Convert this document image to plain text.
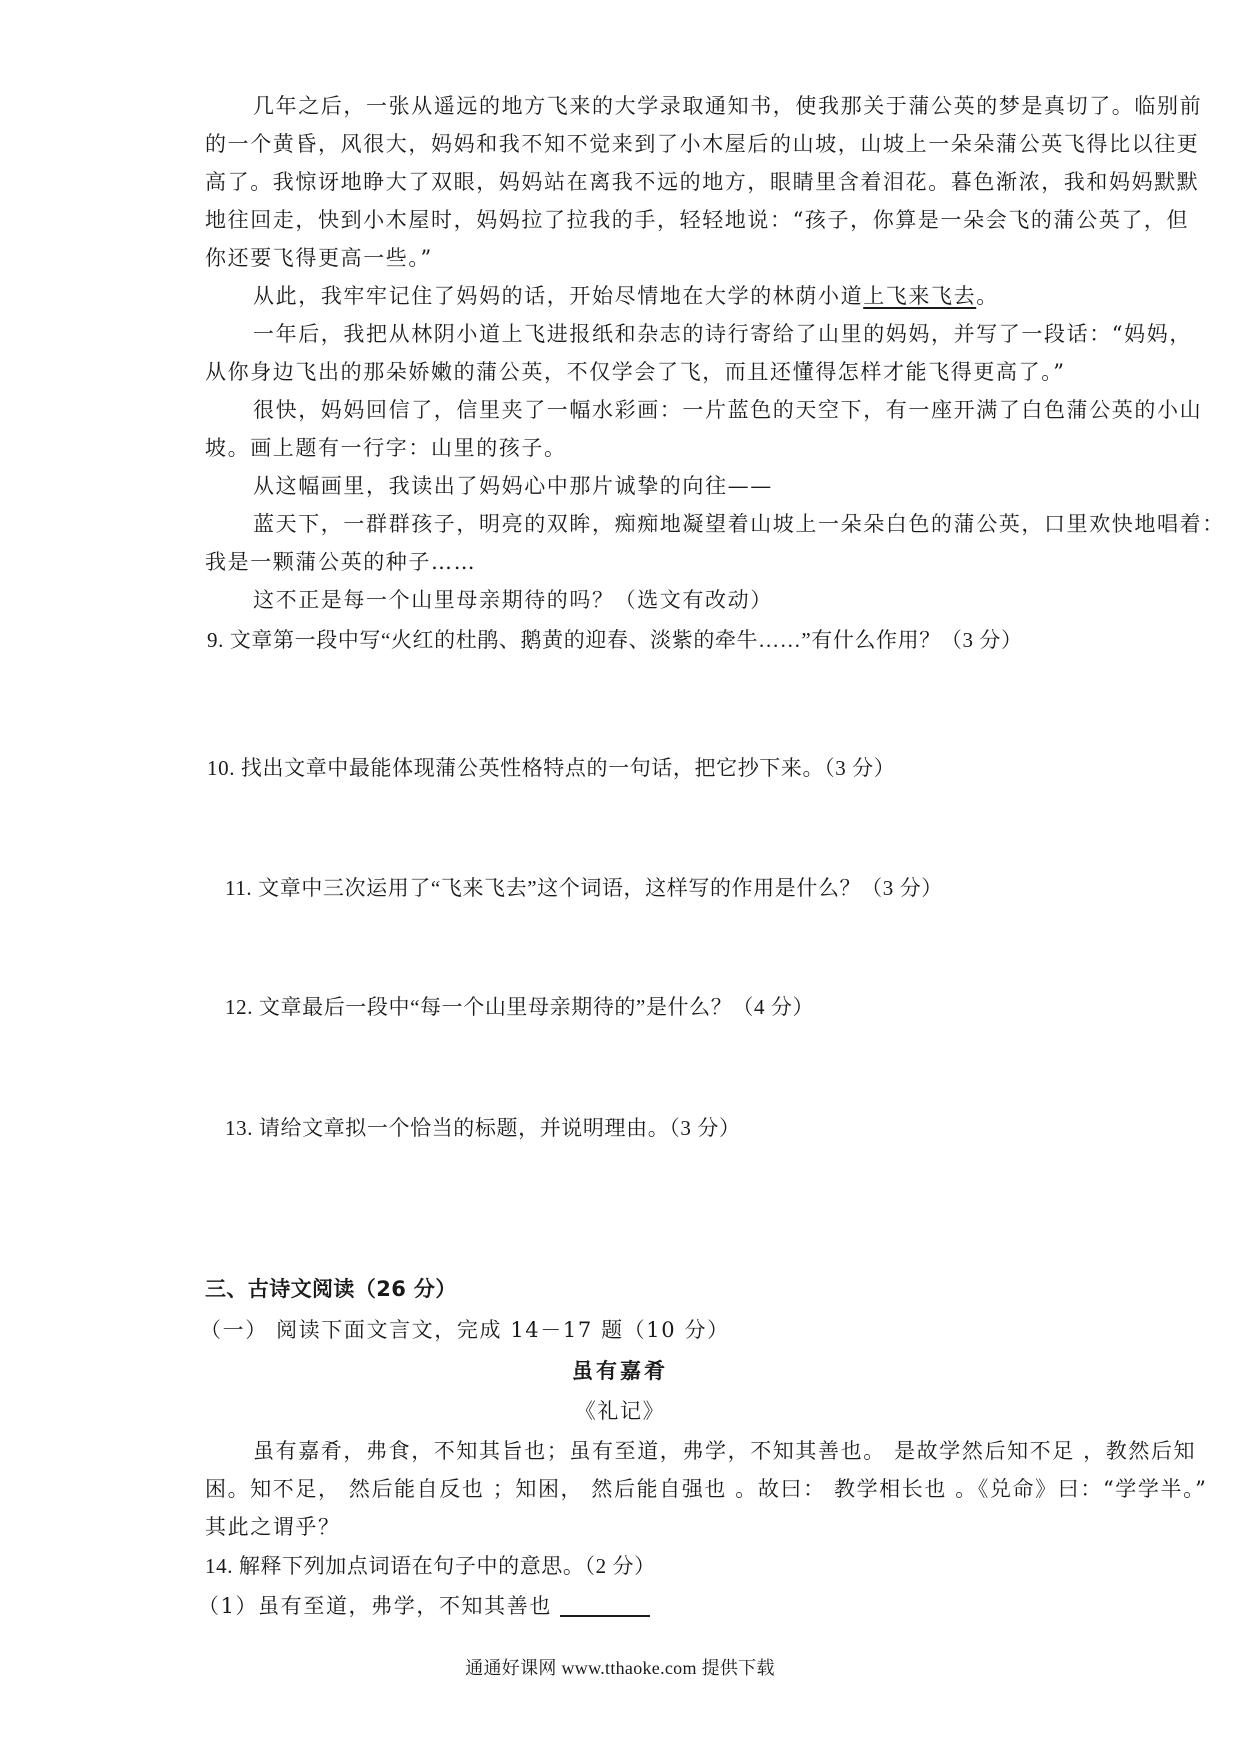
几年之后，一张从遥远的地方飞来的大学录取通知书，使我那关于蒲公英的梦是真切了。临别前
的一个黄昏，风很大，妈妈和我不知不觉来到了小木屋后的山坡，山坡上一朵朵蒲公英飞得比以往更
高了。我惊讶地睁大了双眼，妈妈站在离我不远的地方，眼睛里含着泪花。暮色渐浓，我和妈妈默默
地往回走，快到小木屋时，妈妈拉了拉我的手，轻轻地说：“孩子，你算是一朵会飞的蒲公英了，但
你还要飞得更高一些。”
从此，我牢牢记住了妈妈的话，开始尽情地在大学的林荫小道上飞来飞去。
一年后，我把从林阴小道上飞进报纸和杂志的诗行寄给了山里的妈妈，并写了一段话：“妈妈，
从你身边飞出的那朵娇嫩的蒲公英，不仅学会了飞，而且还懂得怎样才能飞得更高了。”
很快，妈妈回信了，信里夹了一幅水彩画：一片蓝色的天空下，有一座开满了白色蒲公英的小山
坡。画上题有一行字：山里的孩子。
从这幅画里，我读出了妈妈心中那片诚挚的向往——
蓝天下，一群群孩子，明亮的双眸，痴痴地凝望着山坡上一朵朵白色的蒲公英，口里欢快地唱着：
我是一颗蒲公英的种子……
这不正是每一个山里母亲期待的吗？（选文有改动）
9. 文章第一段中写“火红的杜鹃、鹅黄的迎春、淡紫的牵牛……”有什么作用？（3 分）
10. 找出文章中最能体现蒲公英性格特点的一句话，把它抄下来。（3 分）
11. 文章中三次运用了“飞来飞去”这个词语，这样写的作用是什么？（3 分）
12. 文章最后一段中“每一个山里母亲期待的”是什么？（4 分）
13. 请给文章拟一个恰当的标题，并说明理由。（3 分）
三、古诗文阅读（26 分）
（一） 阅读下面文言文，完成 14－17 题（10 分）
虽有嘉肴
《礼记》
虽有嘉肴，弗食，不知其旨也；虽有至道，弗学，不知其善也。 是故学然后知不足 ，教然后知
困。知不足， 然后能自反也 ；知困， 然后能自强也 。故曰： 教学相长也 。《兑命》曰：“学学半。”
其此之谓乎？
14. 解释下列加点词语在句子中的意思。（2 分）
（1）虽有至道，弗学，不知其善也
通通好课网 www.tthaoke.com 提供下载
